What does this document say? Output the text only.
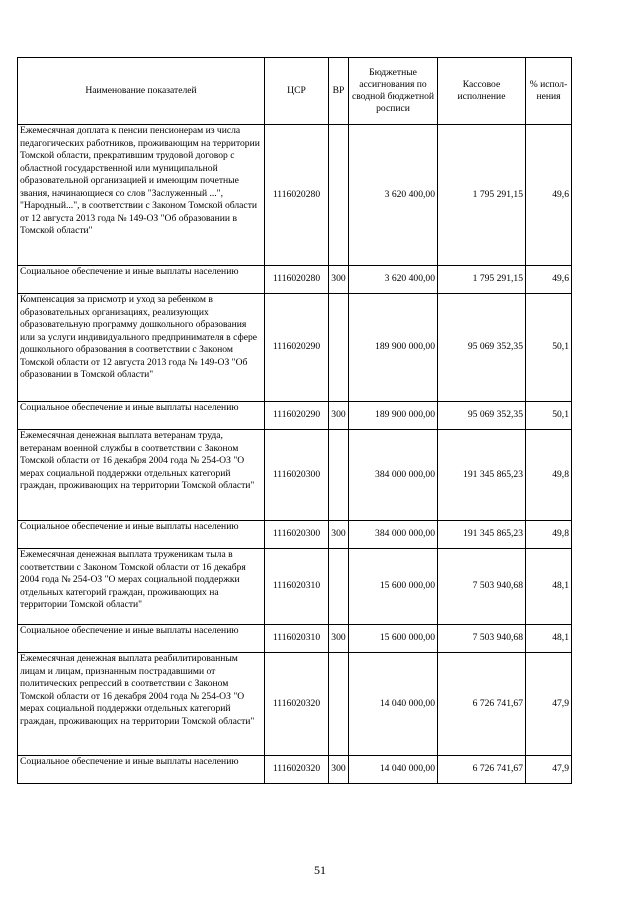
Наименование показателей	ЦСР	ВР	Бюджетные ассигнования по сводной бюджетной росписи	Кассовое исполнение	% испол-нения
Ежемесячная доплата к пенсии пенсионерам из числа педагогических работников, проживающим на территории Томской области, прекратившим трудовой договор с областной государственной или муниципальной образовательной организацией и имеющим почетные звания, начинающиеся со слов "Заслуженный ...", "Народный...", в соответствии с Законом Томской области от 12 августа 2013 года № 149-ОЗ "Об образовании в Томской области"	1116020280		3 620 400,00	1 795 291,15	49,6
Социальное обеспечение и иные выплаты населению	1116020280	300	3 620 400,00	1 795 291,15	49,6
Компенсация за присмотр и уход за ребенком в образовательных организациях, реализующих образовательную программу дошкольного образования или за услуги индивидуального предпринимателя в сфере дошкольного образования в соответствии с Законом Томской области от 12 августа 2013 года № 149-ОЗ "Об образовании в Томской области"	1116020290		189 900 000,00	95 069 352,35	50,1
Социальное обеспечение и иные выплаты населению	1116020290	300	189 900 000,00	95 069 352,35	50,1
Ежемесячная денежная выплата ветеранам труда, ветеранам военной службы в соответствии с Законом Томской области от 16 декабря 2004 года № 254-ОЗ "О мерах социальной поддержки отдельных категорий граждан, проживающих на территории Томской области"	1116020300		384 000 000,00	191 345 865,23	49,8
Социальное обеспечение и иные выплаты населению	1116020300	300	384 000 000,00	191 345 865,23	49,8
Ежемесячная денежная выплата труженикам тыла в соответствии с Законом Томской области от 16 декабря 2004 года № 254-ОЗ "О мерах социальной поддержки отдельных категорий граждан, проживающих на территории Томской области"	1116020310		15 600 000,00	7 503 940,68	48,1
Социальное обеспечение и иные выплаты населению	1116020310	300	15 600 000,00	7 503 940,68	48,1
Ежемесячная денежная выплата реабилитированным лицам и лицам, признанным пострадавшими от политических репрессий в соответствии с Законом Томской области от 16 декабря 2004 года № 254-ОЗ "О мерах социальной поддержки отдельных категорий граждан, проживающих на территории Томской области"	1116020320		14 040 000,00	6 726 741,67	47,9
Социальное обеспечение и иные выплаты населению	1116020320	300	14 040 000,00	6 726 741,67	47,9
51
